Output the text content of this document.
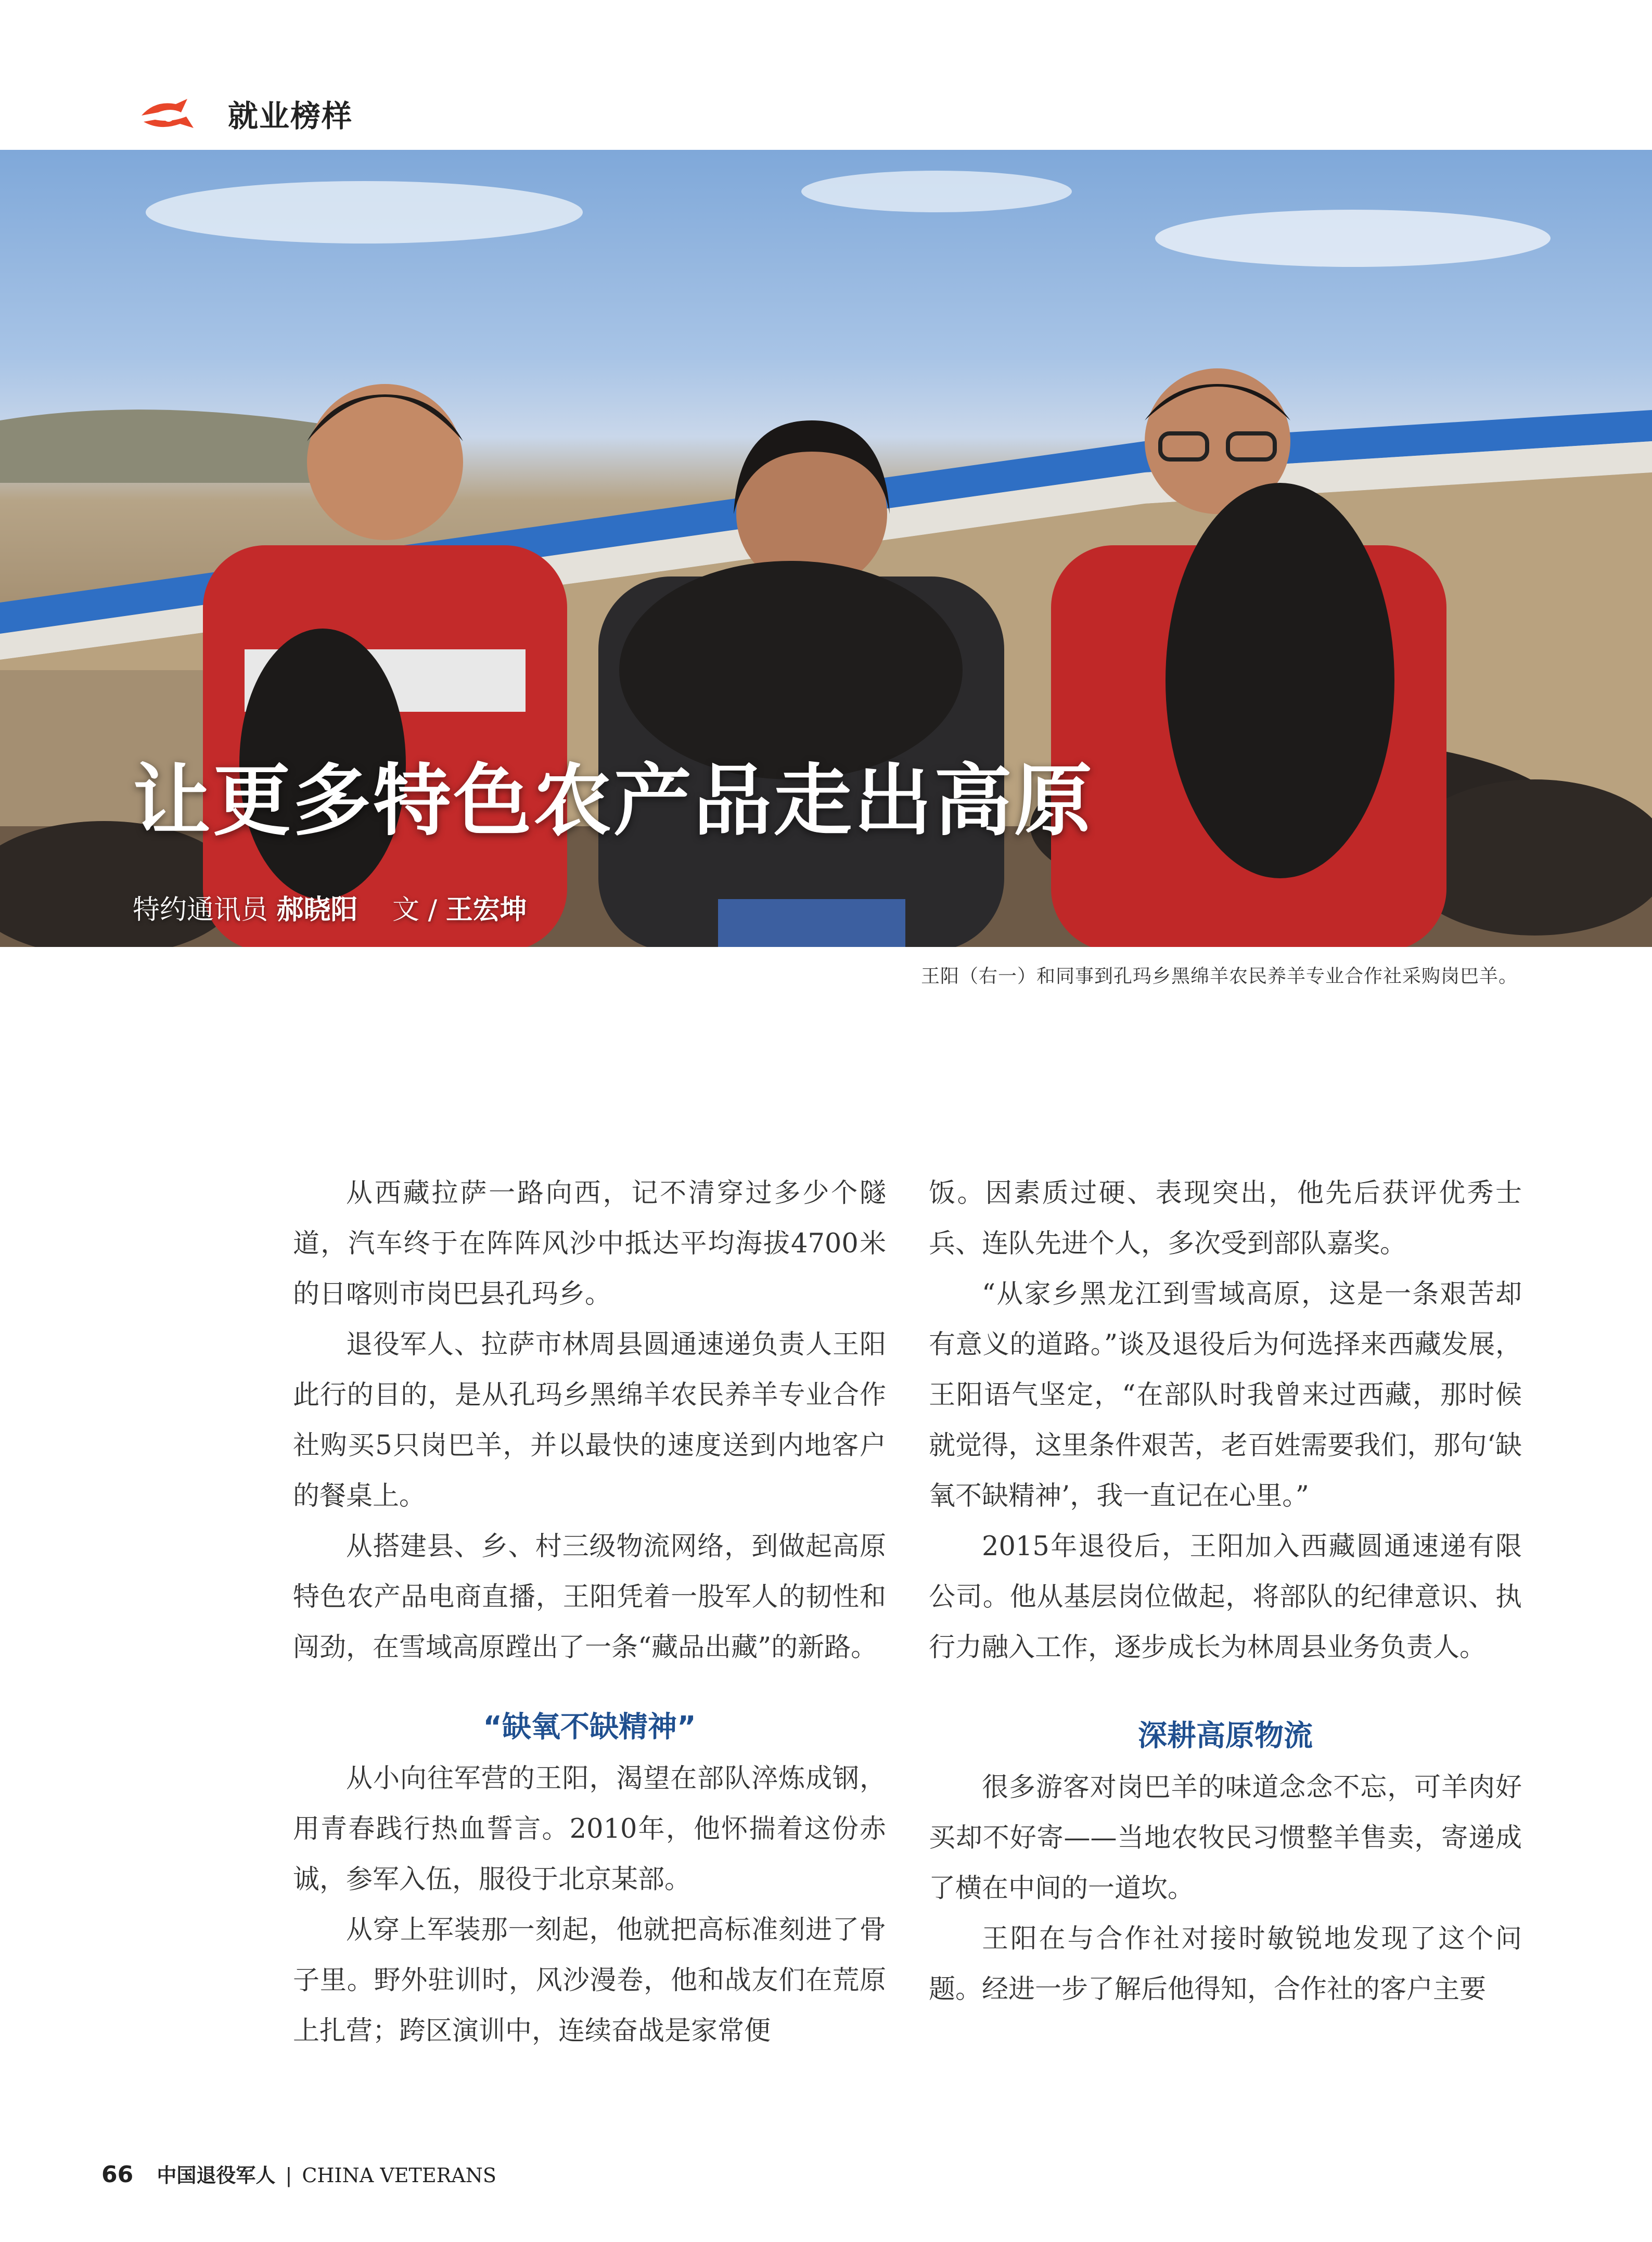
就业榜样
让更多特色农产品走出高原
特约通讯员 郝晓阳 文 / 王宏坤
王阳（右一）和同事到孔玛乡黑绵羊农民养羊专业合作社采购岗巴羊。

从西藏拉萨一路向西，记不清穿过多少个隧道，汽车终于在阵阵风沙中抵达平均海拔4700米的日喀则市岗巴县孔玛乡。

退役军人、拉萨市林周县圆通速递负责人王阳此行的目的，是从孔玛乡黑绵羊农民养羊专业合作社购买5只岗巴羊，并以最快的速度送到内地客户的餐桌上。

从搭建县、乡、村三级物流网络，到做起高原特色农产品电商直播，王阳凭着一股军人的韧性和闯劲，在雪域高原蹚出了一条“藏品出藏”的新路。

“缺氧不缺精神”

从小向往军营的王阳，渴望在部队淬炼成钢，用青春践行热血誓言。2010年，他怀揣着这份赤诚，参军入伍，服役于北京某部。

从穿上军装那一刻起，他就把高标准刻进了骨子里。野外驻训时，风沙漫卷，他和战友们在荒原上扎营；跨区演训中，连续奋战是家常便

饭。因素质过硬、表现突出，他先后获评优秀士兵、连队先进个人，多次受到部队嘉奖。

“从家乡黑龙江到雪域高原，这是一条艰苦却有意义的道路。”谈及退役后为何选择来西藏发展，王阳语气坚定，“在部队时我曾来过西藏，那时候就觉得，这里条件艰苦，老百姓需要我们，那句‘缺氧不缺精神’，我一直记在心里。”

2015年退役后，王阳加入西藏圆通速递有限公司。他从基层岗位做起，将部队的纪律意识、执行力融入工作，逐步成长为林周县业务负责人。

深耕高原物流

很多游客对岗巴羊的味道念念不忘，可羊肉好买却不好寄——当地农牧民习惯整羊售卖，寄递成了横在中间的一道坎。

王阳在与合作社对接时敏锐地发现了这个问题。经进一步了解后他得知，合作社的客户主要

66 中国退役军人 | CHINA VETERANS
